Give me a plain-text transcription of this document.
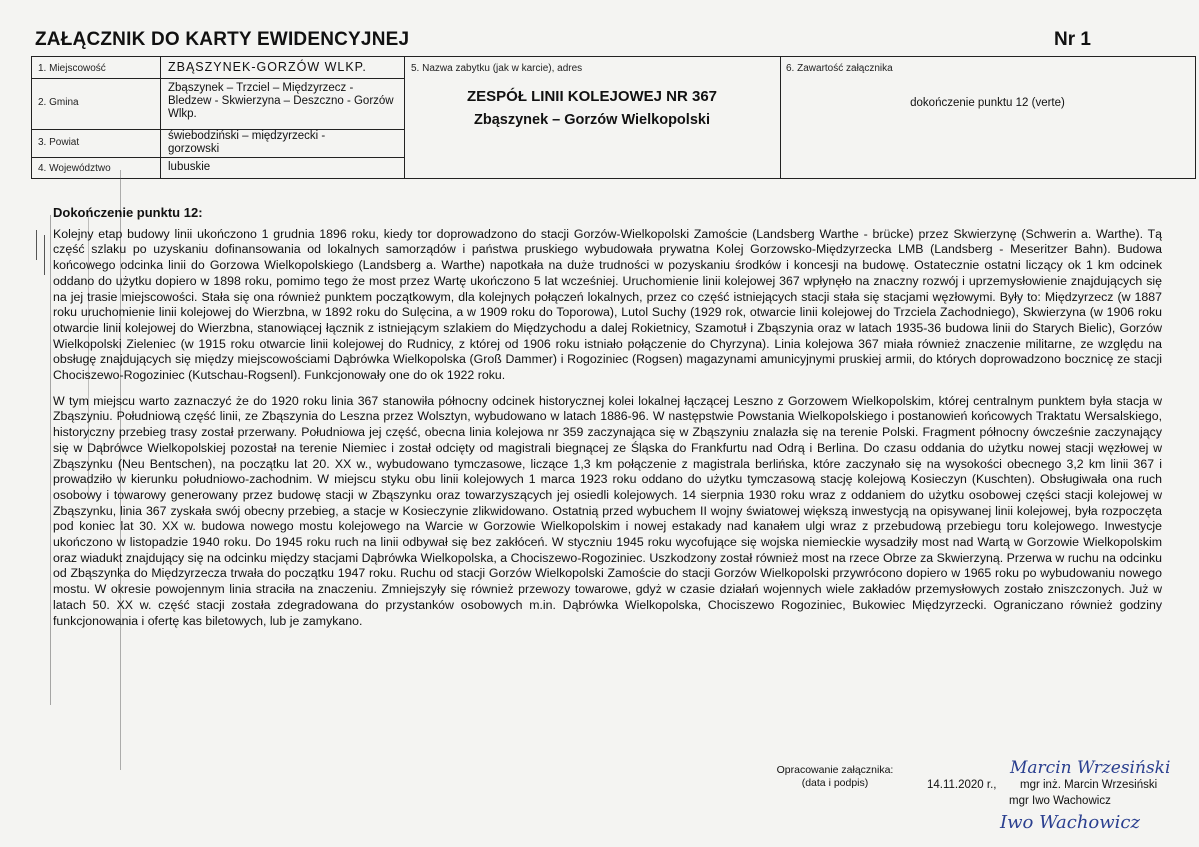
ZAŁĄCZNIK DO KARTY EWIDENCYJNEJ	Nr 1
1. Miejscowość	ZBĄSZYNEK-GORZÓW WLKP.
2. Gmina
Zbąszynek – Trzciel – Międzyrzecz - Bledzew - Skwierzyna – Deszczno - Gorzów Wlkp.
3. Powiat
świebodziński – międzyrzecki - gorzowski
4. Województwo	lubuskie
5. Nazwa zabytku (jak w karcie), adres
ZESPÓŁ LINII KOLEJOWEJ NR 367
Zbąszynek – Gorzów Wielkopolski
6. Zawartość załącznika
dokończenie punktu 12 (verte)
Dokończenie punktu 12:

Kolejny etap budowy linii ukończono 1 grudnia 1896 roku, kiedy tor doprowadzono do stacji Gorzów-Wielkopolski Zamoście (Landsberg Warthe - brücke) przez Skwierzynę (Schwerin a. Warthe). Tą część szlaku po uzyskaniu dofinansowania od lokalnych samorządów i państwa pruskiego wybudowała prywatna Kolej Gorzowsko-Międzyrzecka LMB (Landsberg - Meseritzer Bahn). Budowa końcowego odcinka linii do Gorzowa Wielkopolskiego (Landsberg a. Warthe) napotkała na duże trudności w pozyskaniu środków i koncesji na budowę. Ostatecznie ostatni liczący ok 1 km odcinek oddano do użytku dopiero w 1898 roku, pomimo tego że most przez Wartę ukończono 5 lat wcześniej. Uruchomienie linii kolejowej 367 wpłynęło na znaczny rozwój i uprzemysłowienie znajdujących się na jej trasie miejscowości. Stała się ona również punktem początkowym, dla kolejnych połączeń lokalnych, przez co część istniejących stacji stała się stacjami węzłowymi. Były to: Międzyrzecz (w 1887 roku uruchomienie linii kolejowej do Wierzbna, w 1892 roku do Sulęcina, a w 1909 roku do Toporowa), Lutol Suchy (1929 rok, otwarcie linii kolejowej do Trzciela Zachodniego), Skwierzyna (w 1906 roku otwarcie linii kolejowej do Wierzbna, stanowiącej łącznik z istniejącym szlakiem do Międzychodu a dalej Rokietnicy, Szamotuł i Zbąszynia oraz w latach 1935-36 budowa linii do Starych Bielic), Gorzów Wielkopolski Zieleniec (w 1915 roku otwarcie linii kolejowej do Rudnicy, z której od 1906 roku istniało połączenie do Chyrzyna). Linia kolejowa 367 miała również znaczenie militarne, ze względu na obsługę znajdujących się między miejscowościami Dąbrówka Wielkopolska (Groß Dammer) i Rogoziniec (Rogsen) magazynami amunicyjnymi pruskiej armii, do których doprowadzono bocznicę ze stacji Chociszewo-Rogoziniec (Kutschau-Rogsenl). Funkcjonowały one do ok 1922 roku.

W tym miejscu warto zaznaczyć że do 1920 roku linia 367 stanowiła północny odcinek historycznej kolei lokalnej łączącej Leszno z Gorzowem Wielkopolskim, której centralnym punktem była stacja w Zbąszyniu. Południową część linii, ze Zbąszynia do Leszna przez Wolsztyn, wybudowano w latach 1886-96. W następstwie Powstania Wielkopolskiego i postanowień końcowych Traktatu Wersalskiego, historyczny przebieg trasy został przerwany. Południowa jej część, obecna linia kolejowa nr 359 zaczynająca się w Zbąszyniu znalazła się na terenie Polski. Fragment północny ówcześnie zaczynający się w Dąbrówce Wielkopolskiej pozostał na terenie Niemiec i został odcięty od magistrali biegnącej ze Śląska do Frankfurtu nad Odrą i Berlina. Do czasu oddania do użytku nowej stacji węzłowej w Zbąszynku (Neu Bentschen), na początku lat 20. XX w., wybudowano tymczasowe, liczące 1,3 km połączenie z magistrala berlińska, które zaczynało się na wysokości obecnego 3,2 km linii 367 i prowadziło w kierunku południowo-zachodnim. W miejscu styku obu linii kolejowych 1 marca 1923 roku oddano do użytku tymczasową stację kolejową Kosieczyn (Kuschten). Obsługiwała ona ruch osobowy i towarowy generowany przez budowę stacji w Zbąszynku oraz towarzyszących jej osiedli kolejowych. 14 sierpnia 1930 roku wraz z oddaniem do użytku osobowej części stacji kolejowej w Zbąszynku, linia 367 zyskała swój obecny przebieg, a stacje w Kosieczynie zlikwidowano. Ostatnią przed wybuchem II wojny światowej większą inwestycją na opisywanej linii kolejowej, była rozpoczęta pod koniec lat 30. XX w. budowa nowego mostu kolejowego na Warcie w Gorzowie Wielkopolskim i nowej estakady nad kanałem ulgi wraz z przebudową przebiegu toru kolejowego. Inwestycje ukończono w listopadzie 1940 roku. Do 1945 roku ruch na linii odbywał się bez zakłóceń. W styczniu 1945 roku wycofujące się wojska niemieckie wysadziły most nad Wartą w Gorzowie Wielkopolskim oraz wiadukt znajdujący się na odcinku między stacjami Dąbrówka Wielkopolska, a Chociszewo-Rogoziniec. Uszkodzony został również most na rzece Obrze za Skwierzyną. Przerwa w ruchu na odcinku od Zbąszynka do Międzyrzecza trwała do początku 1947 roku. Ruchu od stacji Gorzów Wielkopolski Zamoście do stacji Gorzów Wielkopolski przywrócono dopiero w 1965 roku po wybudowaniu nowego mostu. W okresie powojennym linia straciła na znaczeniu. Zmniejszyły się również przewozy towarowe, gdyż w czasie działań wojennych wiele zakładów przemysłowych zostało zniszczonych. Już w latach 50. XX w. część stacji została zdegradowana do przystanków osobowych m.in. Dąbrówka Wielkopolska, Chociszewo Rogoziniec, Bukowiec Międzyrzecki. Ograniczano również godziny funkcjonowania i ofertę kas biletowych, lub je zamykano.

Opracowanie załącznika:
(data i podpis)	14.11.2020 r., mgr inż. Marcin Wrzesiński
mgr Iwo Wachowicz
Marcin Wrzesiński
Iwo Wachowicz
